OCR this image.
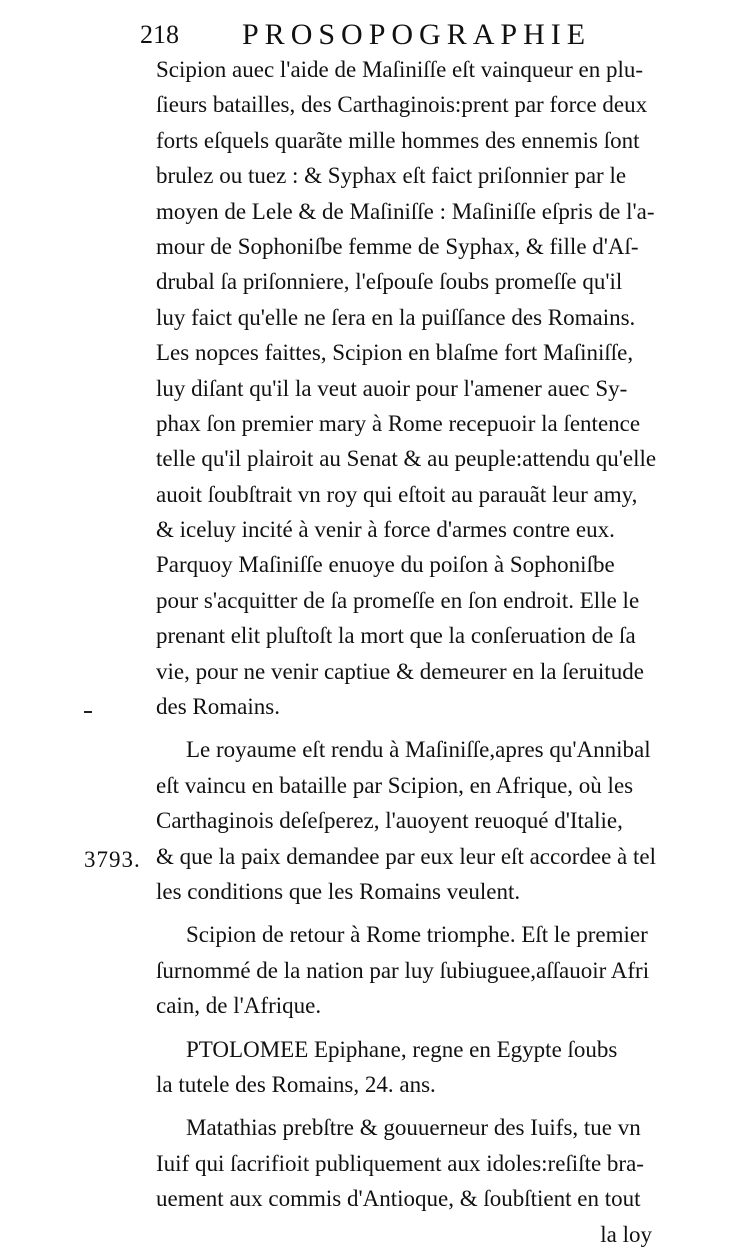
218 PROSOPOGRAPHIE
3793.
Scipion auec l'aide de Maſiniſſe eſt vainqueur en plu-
ſieurs batailles, des Carthaginois:prent par force deux
forts eſquels quarãte mille hommes des ennemis ſont
brulez ou tuez : & Syphax eſt faict priſonnier par le
moyen de Lele & de Maſiniſſe : Maſiniſſe eſpris de l'a-
mour de Sophoniſbe femme de Syphax, & fille d'Aſ-
drubal ſa priſonniere, l'eſpouſe ſoubs promeſſe qu'il
luy faict qu'elle ne ſera en la puiſſance des Romains.
Les nopces faittes, Scipion en blaſme fort Maſiniſſe,
luy diſant qu'il la veut auoir pour l'amener auec Sy-
phax ſon premier mary à Rome recepuoir la ſentence
telle qu'il plairoit au Senat & au peuple:attendu qu'elle
auoit ſoubſtrait vn roy qui eſtoit au parauãt leur amy,
& iceluy incité à venir à force d'armes contre eux.
Parquoy Maſiniſſe enuoye du poiſon à Sophoniſbe
pour s'acquitter de ſa promeſſe en ſon endroit. Elle le
prenant elit pluſtoſt la mort que la conſeruation de ſa
vie, pour ne venir captiue & demeurer en la ſeruitude
des Romains.
Le royaume eſt rendu à Maſiniſſe,apres qu'Annibal
eſt vaincu en bataille par Scipion, en Afrique, où les
Carthaginois deſeſperez, l'auoyent reuoqué d'Italie,
& que la paix demandee par eux leur eſt accordee à tel
les conditions que les Romains veulent.
Scipion de retour à Rome triomphe. Eſt le premier
ſurnommé de la nation par luy ſubiuguee,aſſauoir Afri
cain, de l'Afrique.
PTOLOMEE Epiphane, regne en Egypte ſoubs
la tutele des Romains, 24. ans.
Matathias prebſtre & gouuerneur des Iuifs, tue vn
Iuif qui ſacrifioit publiquement aux idoles:reſiſte bra-
uement aux commis d'Antioque, & ſoubſtient en tout
la loy
